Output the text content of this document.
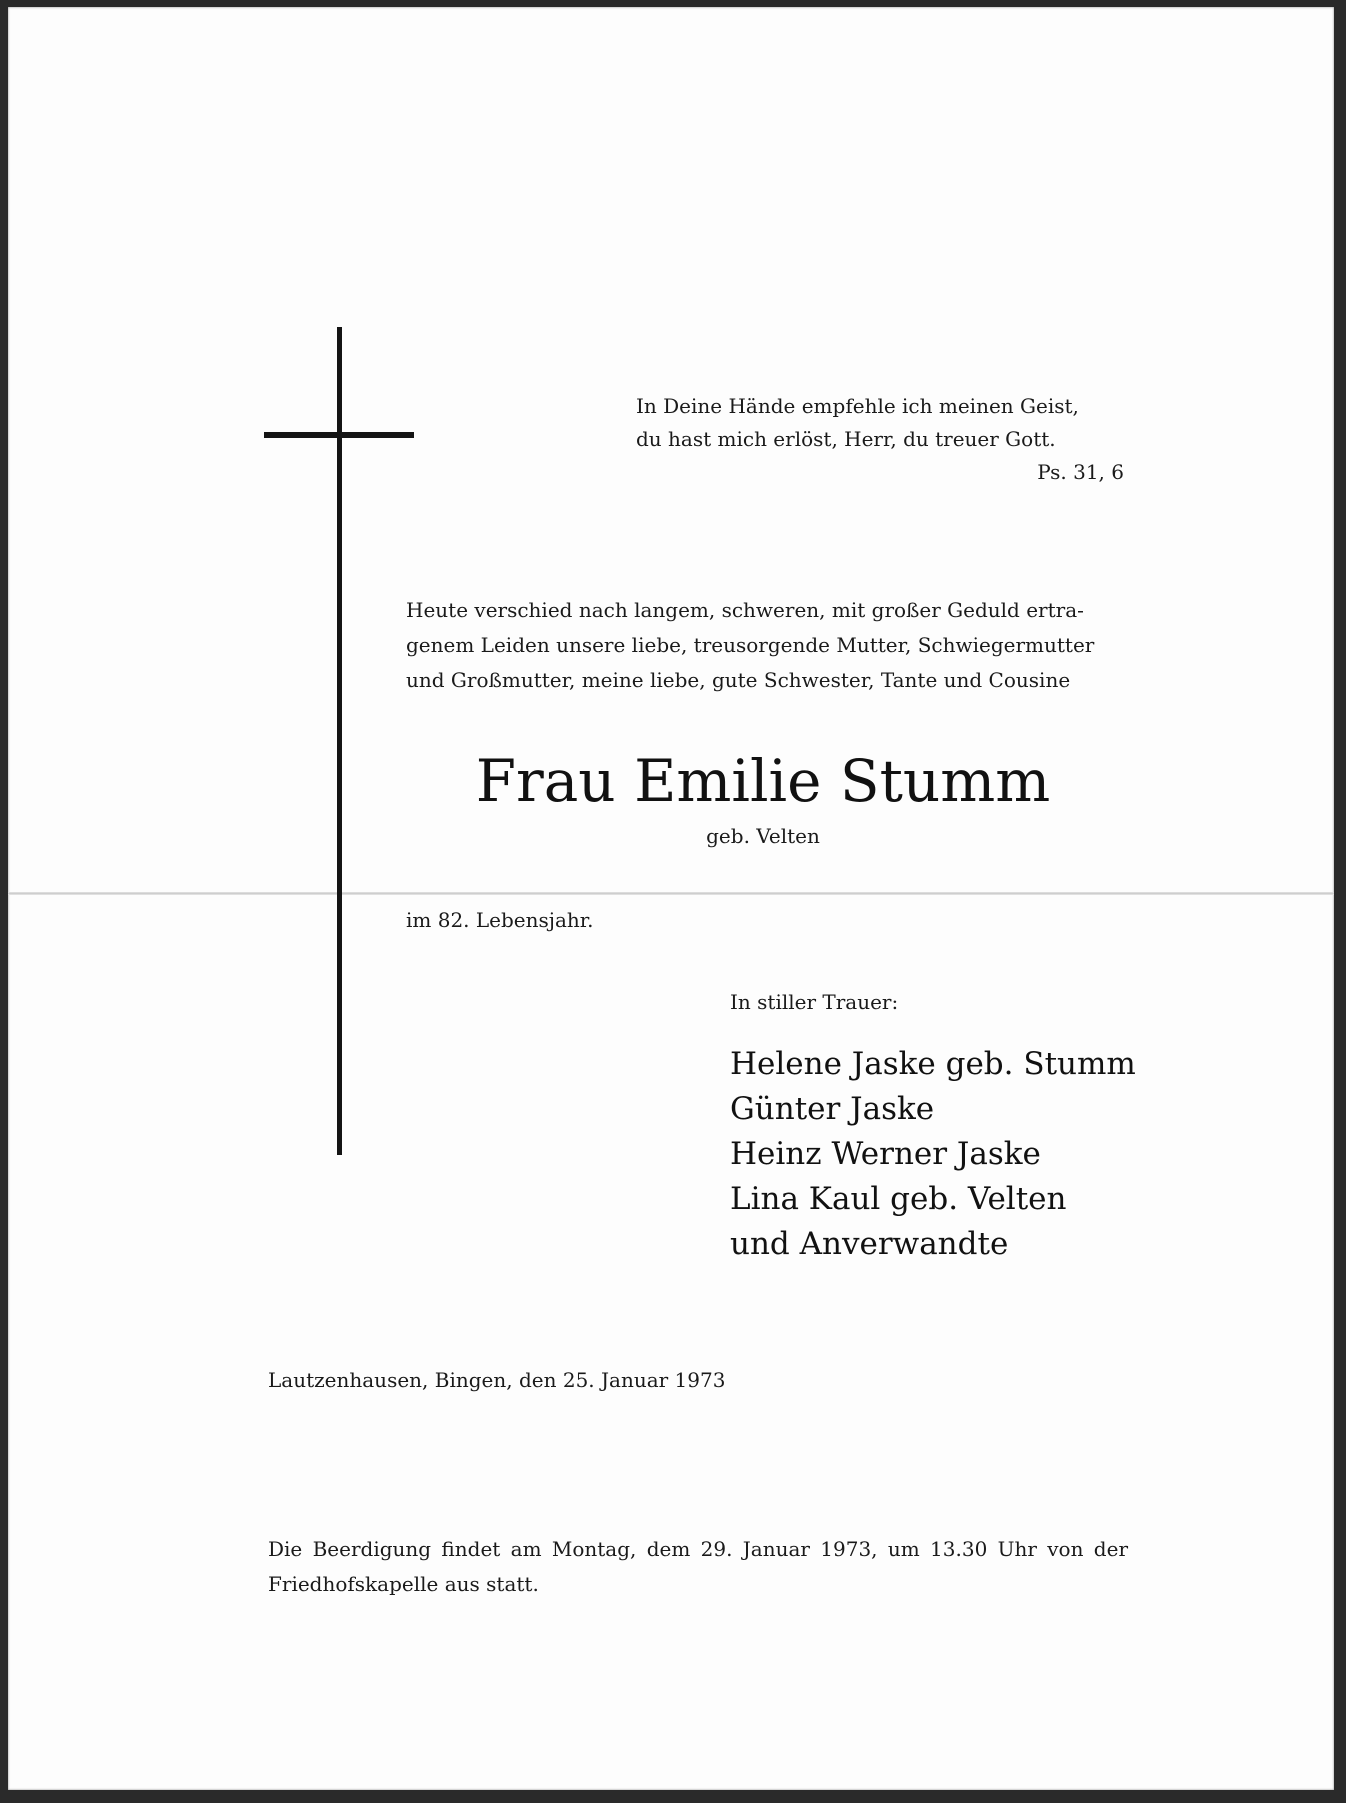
In Deine Hände empfehle ich meinen Geist,
du hast mich erlöst, Herr, du treuer Gott.
Ps. 31, 6
Heute verschied nach langem, schweren, mit großer Geduld ertra-
genem Leiden unsere liebe, treusorgende Mutter, Schwiegermutter
und Großmutter, meine liebe, gute Schwester, Tante und Cousine
Frau Emilie Stumm
geb. Velten
im 82. Lebensjahr.
In stiller Trauer:
Helene Jaske geb. Stumm
Günter Jaske
Heinz Werner Jaske
Lina Kaul geb. Velten
und Anverwandte
Lautzenhausen, Bingen, den 25. Januar 1973
Die Beerdigung findet am Montag, dem 29. Januar 1973, um 13.30 Uhr von der Friedhofskapelle aus statt.
